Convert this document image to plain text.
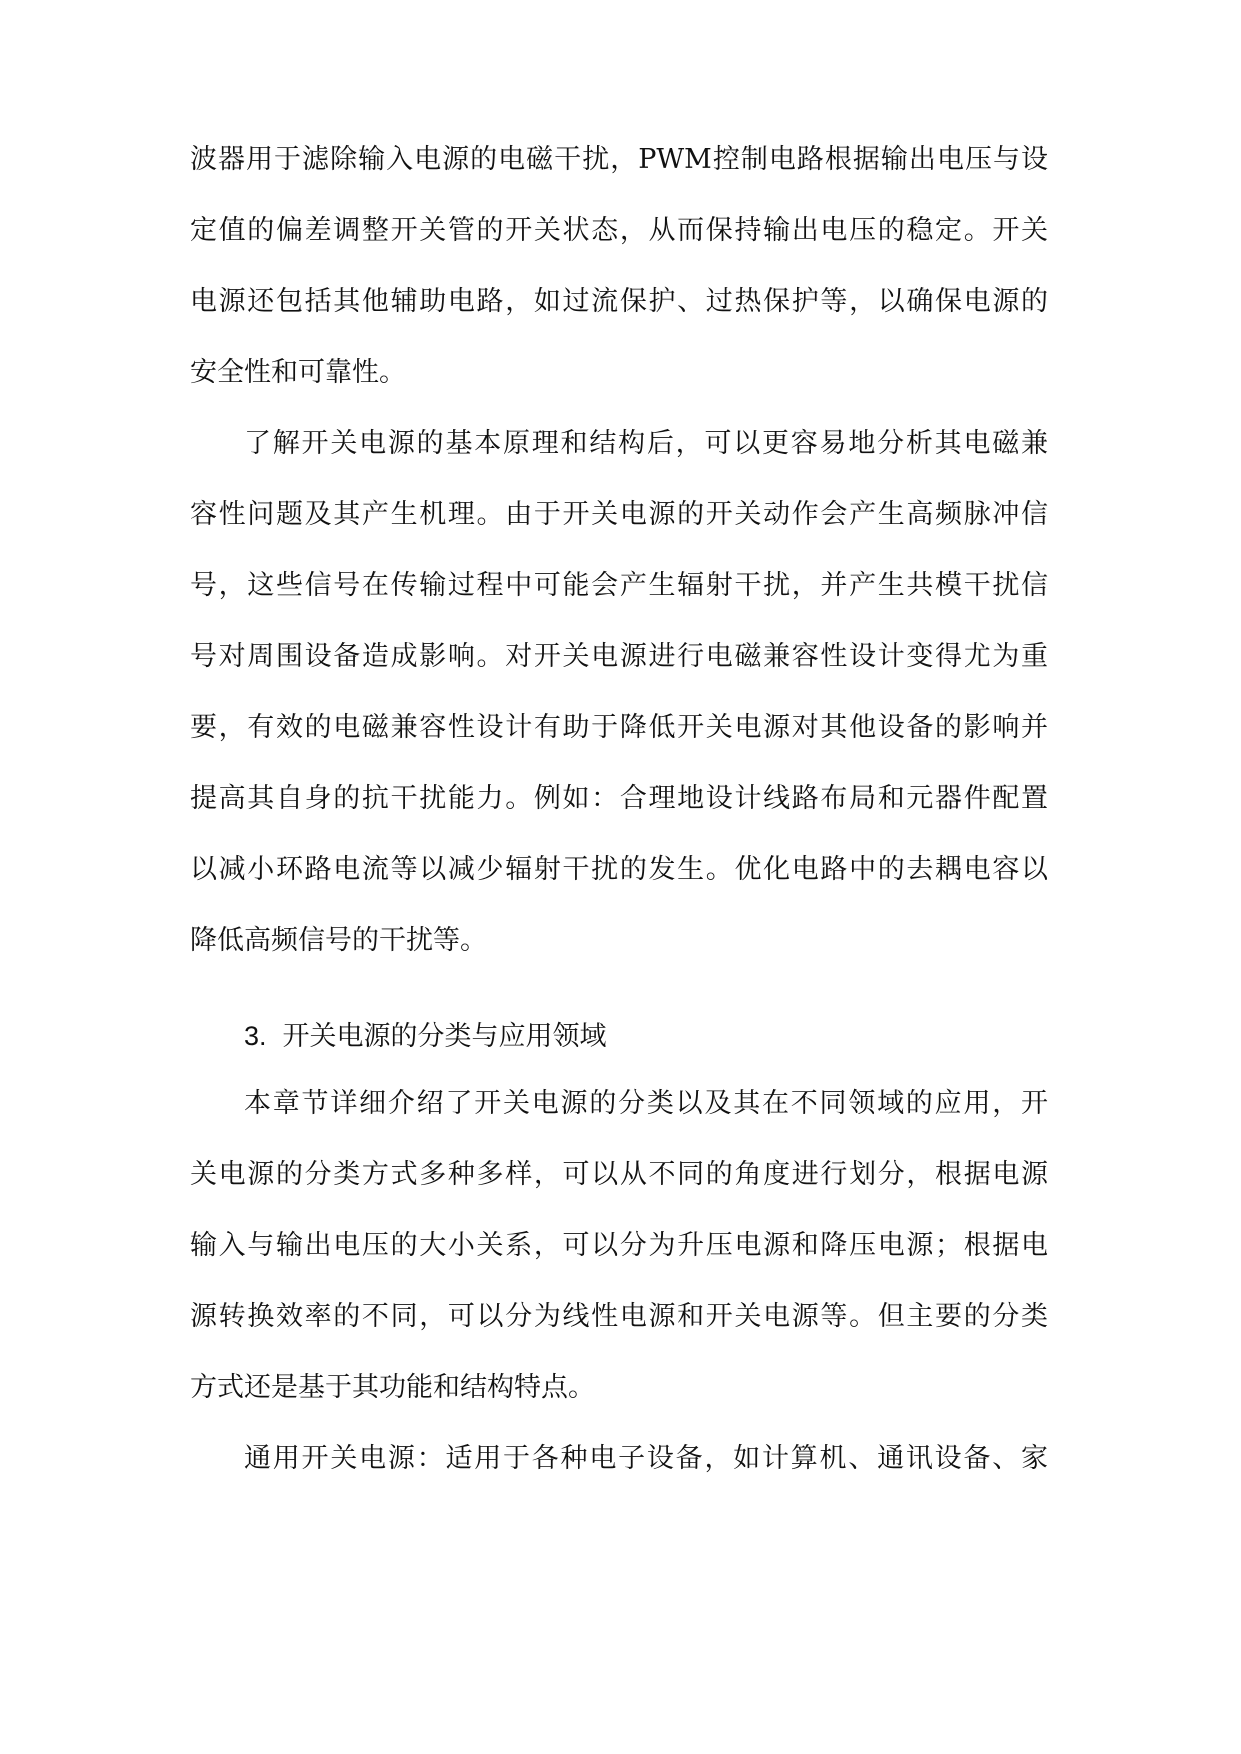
波器用于滤除输入电源的电磁干扰，PWM控制电路根据输出电压与设
定值的偏差调整开关管的开关状态，从而保持输出电压的稳定。开关
电源还包括其他辅助电路，如过流保护、过热保护等，以确保电源的
安全性和可靠性。
了解开关电源的基本原理和结构后，可以更容易地分析其电磁兼
容性问题及其产生机理。由于开关电源的开关动作会产生高频脉冲信
号，这些信号在传输过程中可能会产生辐射干扰，并产生共模干扰信
号对周围设备造成影响。对开关电源进行电磁兼容性设计变得尤为重
要，有效的电磁兼容性设计有助于降低开关电源对其他设备的影响并
提高其自身的抗干扰能力。例如：合理地设计线路布局和元器件配置
以减小环路电流等以减少辐射干扰的发生。优化电路中的去耦电容以
降低高频信号的干扰等。
3. 开关电源的分类与应用领域
本章节详细介绍了开关电源的分类以及其在不同领域的应用，开
关电源的分类方式多种多样，可以从不同的角度进行划分，根据电源
输入与输出电压的大小关系，可以分为升压电源和降压电源；根据电
源转换效率的不同，可以分为线性电源和开关电源等。但主要的分类
方式还是基于其功能和结构特点。
通用开关电源：适用于各种电子设备，如计算机、通讯设备、家
